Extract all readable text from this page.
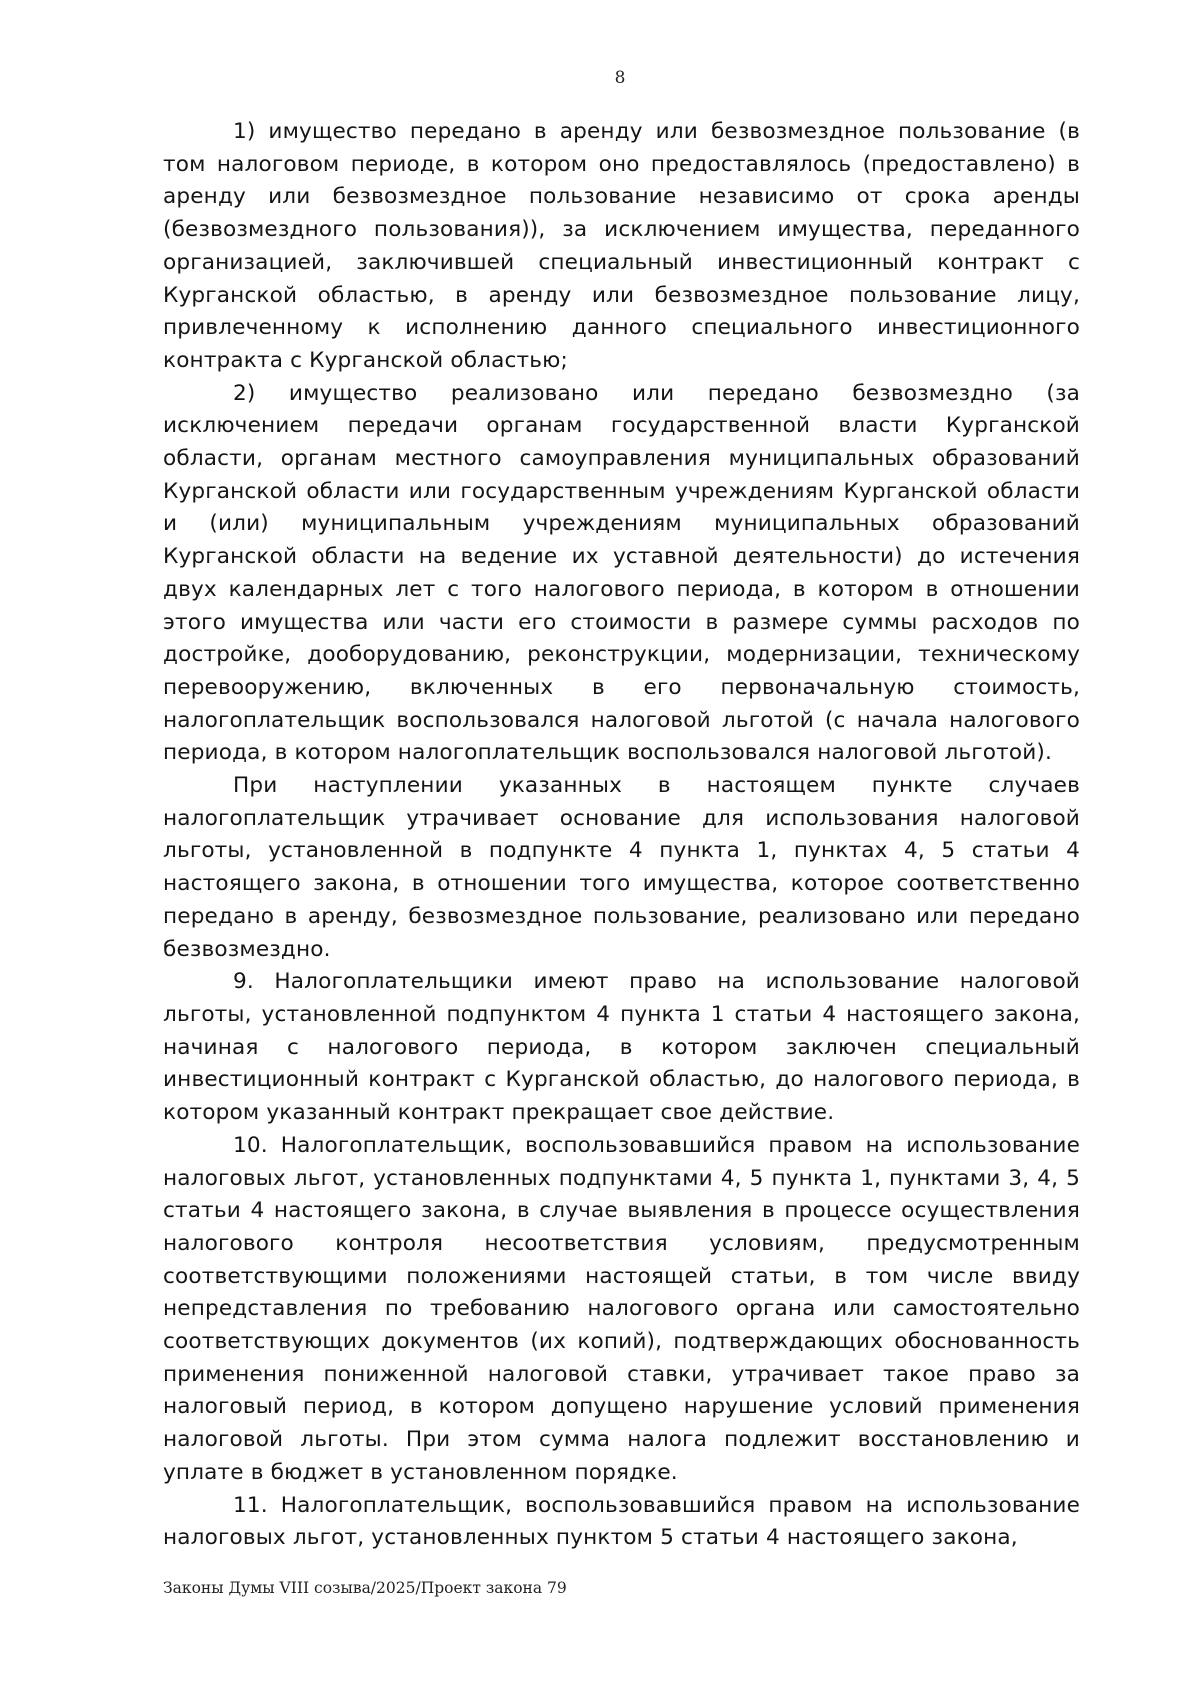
8

1) имущество передано в аренду или безвозмездное пользование (в том налоговом периоде, в котором оно предоставлялось (предоставлено) в аренду или безвозмездное пользование независимо от срока аренды (безвозмездного пользования)), за исключением имущества, переданного организацией, заключившей специальный инвестиционный контракт с Курганской областью, в аренду или безвозмездное пользование лицу, привлеченному к исполнению данного специального инвестиционного контракта с Курганской областью;

2) имущество реализовано или передано безвозмездно (за исключением передачи органам государственной власти Курганской области, органам местного самоуправления муниципальных образований Курганской области или государственным учреждениям Курганской области и (или) муниципальным учреждениям муниципальных образований Курганской области на ведение их уставной деятельности) до истечения двух календарных лет с того налогового периода, в котором в отношении этого имущества или части его стоимости в размере суммы расходов по достройке, дооборудованию, реконструкции, модернизации, техническому перевооружению, включенных в его первоначальную стоимость, налогоплательщик воспользовался налоговой льготой (с начала налогового периода, в котором налогоплательщик воспользовался налоговой льготой).

При наступлении указанных в настоящем пункте случаев налогоплательщик утрачивает основание для использования налоговой льготы, установленной в подпункте 4 пункта 1, пунктах 4, 5 статьи 4 настоящего закона, в отношении того имущества, которое соответственно передано в аренду, безвозмездное пользование, реализовано или передано безвозмездно.

9. Налогоплательщики имеют право на использование налоговой льготы, установленной подпунктом 4 пункта 1 статьи 4 настоящего закона, начиная с налогового периода, в котором заключен специальный инвестиционный контракт с Курганской областью, до налогового периода, в котором указанный контракт прекращает свое действие.

10. Налогоплательщик, воспользовавшийся правом на использование налоговых льгот, установленных подпунктами 4, 5 пункта 1, пунктами 3, 4, 5 статьи 4 настоящего закона, в случае выявления в процессе осуществления налогового контроля несоответствия условиям, предусмотренным соответствующими положениями настоящей статьи, в том числе ввиду непредставления по требованию налогового органа или самостоятельно соответствующих документов (их копий), подтверждающих обоснованность применения пониженной налоговой ставки, утрачивает такое право за налоговый период, в котором допущено нарушение условий применения налоговой льготы. При этом сумма налога подлежит восстановлению и уплате в бюджет в установленном порядке.

11. Налогоплательщик, воспользовавшийся правом на использование налоговых льгот, установленных пунктом 5 статьи 4 настоящего закона,

Законы Думы VIII созыва/2025/Проект закона 79
